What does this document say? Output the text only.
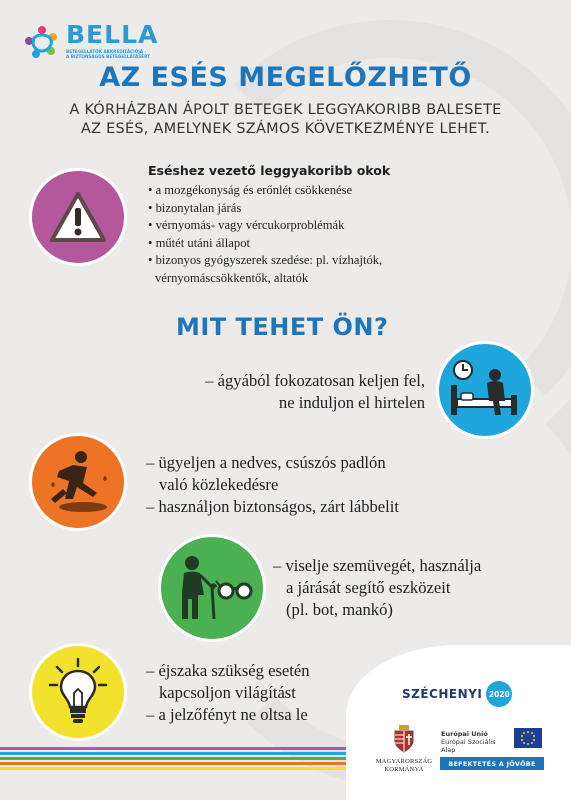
BELLA
BETEGELLÁTÓK AKKREDITÁCIÓJA -
A BIZTONSÁGOS BETEGELLÁTÁSÉRT
AZ ESÉS MEGELŐZHETŐ
A KÓRHÁZBAN ÁPOLT BETEGEK LEGGYAKORIBB BALESETE
AZ ESÉS, AMELYNEK SZÁMOS KÖVETKEZMÉNYE LEHET.
Eséshez vezető leggyakoribb okok
• a mozgékonyság és erőnlét csökkenése
• bizonytalan járás
• vérnyomás- vagy vércukorproblémák
• műtét utáni állapot
• bizonyos gyógyszerek szedése: pl. vízhajtók,
vérnyomáscsökkentők, altatók
MIT TEHET ÖN?
– ágyából fokozatosan keljen fel,
ne induljon el hirtelen
– ügyeljen a nedves, csúszós padlón
való közlekedésre
– használjon biztonságos, zárt lábbelit
– viselje szemüvegét, használja
a járását segítő eszközeit
(pl. bot, mankó)
– éjszaka szükség esetén
kapcsoljon világítást
– a jelzőfényt ne oltsa le
SZÉCHENYI 2020
MAGYARORSZÁG
KORMÁNYA
Európai Unió
Európai Szociális
Alap
BEFEKTETÉS A JÖVŐBE
